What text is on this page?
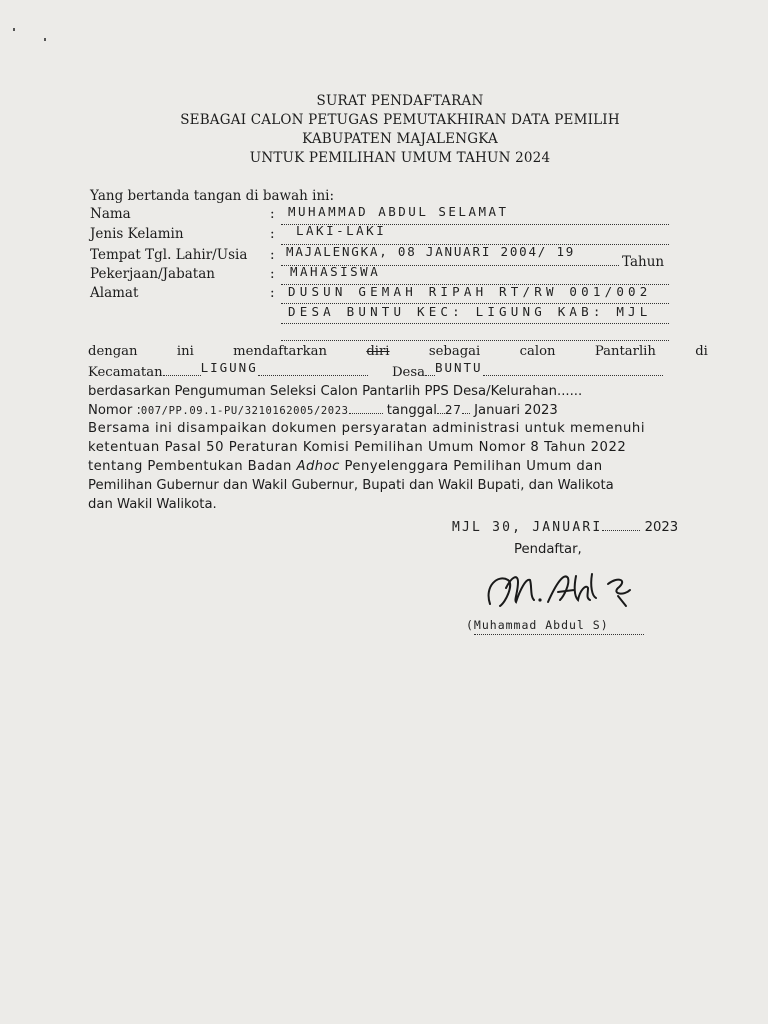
SURAT PENDAFTARAN
SEBAGAI CALON PETUGAS PEMUTAKHIRAN DATA PEMILIH
KABUPATEN MAJALENGKA
UNTUK PEMILIHAN UMUM TAHUN 2024
Yang bertanda tangan di bawah ini:
Nama	: MUHAMMAD ABDUL SELAMAT
Jenis Kelamin	: LAKI-LAKI
Tempat Tgl. Lahir/Usia : MAJALENGKA, 08 JANUARI 2004/ 19
Tahun
Pekerjaan/Jabatan	: MAHASISWA
Alamat	: DUSUN GEMAH RIPAH RT/RW 001/002
DESA BUNTU KEC: LIGUNG KAB: MJL
dengan	ini	mendaftarkan	diri	sebagai	calon	Pantarlih	di
Kecamatan	LIGUNG	Desa BUNTU
berdasarkan Pengumuman Seleksi Calon Pantarlih PPS Desa/Kelurahan......
Nomor :007/PP.09.1-PU/3210162005/2023	tanggal 27 Januari 2023
Bersama ini disampaikan dokumen persyaratan administrasi untuk memenuhi
ketentuan Pasal 50 Peraturan Komisi Pemilihan Umum Nomor 8 Tahun 2022
tentang Pembentukan Badan Adhoc Penyelenggara Pemilihan Umum dan
Pemilihan Gubernur dan Wakil Gubernur, Bupati dan Wakil Bupati, dan Walikota
dan Wakil Walikota.
MJL 30, JANUARI	2023
Pendaftar,
(Muhammad Abdul S)
